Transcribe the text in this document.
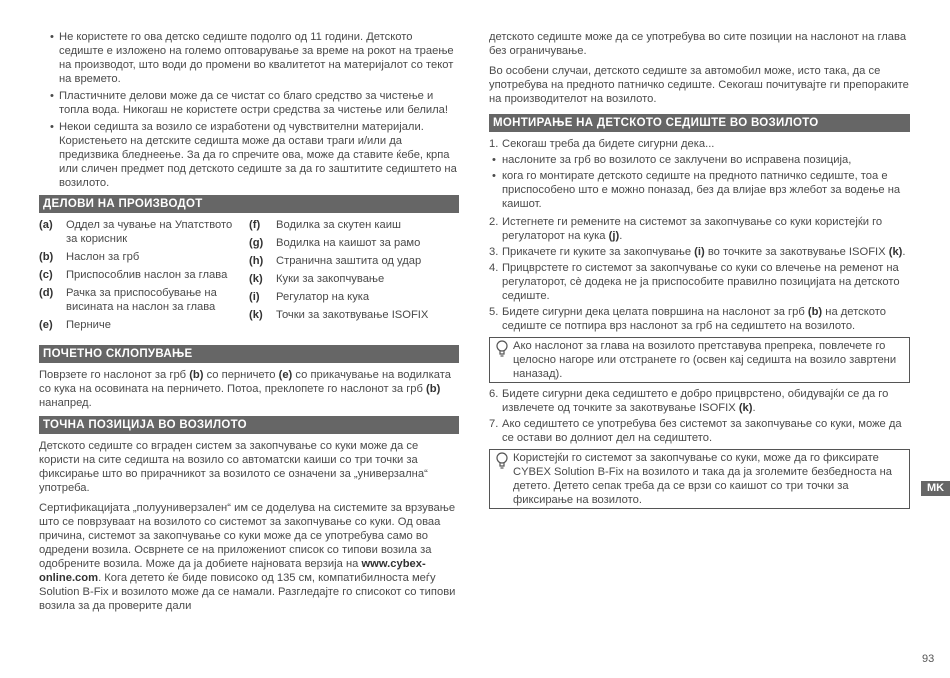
• Не користете го ова детско седиште подолго од 11 години. Детското седиште е изложено на големо оптоварување за време на рокот на траење на производот, што води до промени во квалитетот на материјалот со текот на времето.
• Пластичните делови може да се чистат со благо средство за чистење и топла вода. Никогаш не користете остри средства за чистење или белила!
• Некои седишта за возило се изработени од чувствителни материјали. Користењето на детските седишта може да остави траги и/или да предизвика бледнеење. За да го спречите ова, може да ставите ќебе, крпа или сличен предмет под детското седиште за да го заштитите седиштето на возилото.
ДЕЛОВИ НА ПРОИЗВОДОТ
(a)	Оддел за чување на Упатството за корисник
(b)	Наслон за грб
(c)	Приспособлив наслон за глава
(d)	Рачка за приспособување на висината на наслон за глава
(e)	Перниче
(f)	Водилка за скутен каиш
(g)	Водилка на каишот за рамо
(h)	Странична заштита од удар
(k)	Куки за закопчување
(i)	Регулатор на кука
(k)	Точки за закотвување ISOFIX
ПОЧЕТНО СКЛОПУВАЊЕ

Поврзете го наслонот за грб (b) со перничето (e) со прикачување на водилката со кука на осовината на перничето. Потоа, преклопете го наслонот за грб (b) нанапред.

ТОЧНА ПОЗИЦИЈА ВО ВОЗИЛОТО

Детското седиште со вграден систем за закопчување со куки може да се користи на сите седишта на возило со автоматски каиши со три точки за фиксирање што во прирачникот за возилото се означени за „универзална“ употреба.

Сертификацијата „полууниверзален“ им се доделува на системите за врзување што се поврзуваат на возилото со системот за закопчување со куки. Од оваа причина, системот за закопчување со куки може да се употребува само во одредени возила. Осврнете се на приложениот список со типови возила за одобрените возила. Може да ја добиете најновата верзија на www.cybex-online.com. Кога детето ќе биде повисоко од 135 см, компатибилноста меѓу Solution B-Fix и возилото може да се намали. Разгледајте го списокот со типови возила за да проверите дали

детското седиште може да се употребува во сите позиции на наслонот на глава без ограничување.

Во особени случаи, детското седиште за автомобил може, исто така, да се употребува на предното патничко седиште. Секогаш почитувајте ги препораките на производителот на возилото.

МОНТИРАЊЕ НА ДЕТСКОТО СЕДИШТЕ ВО ВОЗИЛОТО
1. Секогаш треба да бидете сигурни дека...
• наслоните за грб во возилото се заклучени во исправена позиција,
• кога го монтирате детското седиште на предното патничко седиште, тоа е приспособено што е можно поназад, без да влијае врз жлебот за водење на каишот.
2. Истегнете ги ремените на системот за закопчување со куки користејќи го регулаторот на кука (j).
3. Прикачете ги куките за закопчување (i) во точките за закотвување ISOFIX (k).
4. Прицврстете го системот за закопчување со куки со влечење на ременот на регулаторот, сè додека не ја приспособите правилно позицијата на детското седиште.
5. Бидете сигурни дека целата површина на наслонот за грб (b) на детското седиште се потпира врз наслонот за грб на седиштето на возилото.
Ако наслонот за глава на возилото претставува препрека, повлечете го целосно нагоре или отстранете го (освен кај седишта на возило завртени наназад).
6. Бидете сигурни дека седиштето е добро прицврстено, обидувајќи се да го извлечете од точките за закотвување ISOFIX (k).
7. Ако седиштето се употребува без системот за закопчување со куки, може да се остави во долниот дел на седиштето.
Користејќи го системот за закопчување со куки, може да го фиксирате CYBEX Solution B-Fix на возилото и така да ја зголемите безбедноста на детето. Детето сепак треба да се врзи со каишот со три точки за фиксирање на возилото.
MK
93
